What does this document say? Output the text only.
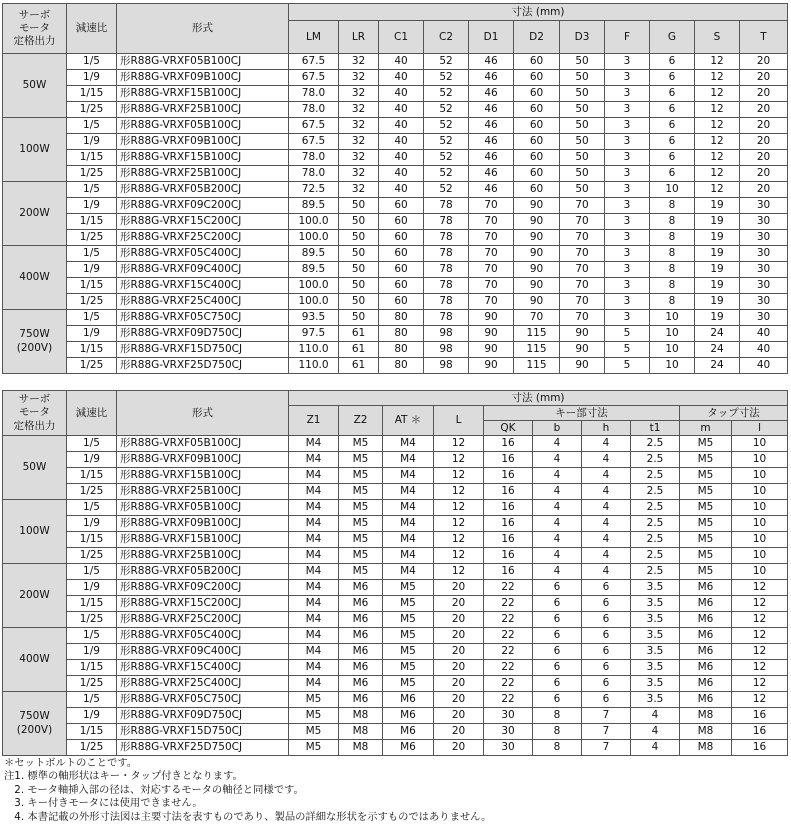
サーボ
モータ
定格出力	減速比	形式	寸法 (mm)										
			LM	LR	C1	C2	D1	D2	D3	F	G	S	T
50W	1/5	形R88G-VRXF05B100CJ	67.5	32	40	52	46	60	50	3	6	12	20
	1/9	形R88G-VRXF09B100CJ	67.5	32	40	52	46	60	50	3	6	12	20
	1/15	形R88G-VRXF15B100CJ	78.0	32	40	52	46	60	50	3	6	12	20
	1/25	形R88G-VRXF25B100CJ	78.0	32	40	52	46	60	50	3	6	12	20
100W	1/5	形R88G-VRXF05B100CJ	67.5	32	40	52	46	60	50	3	6	12	20
	1/9	形R88G-VRXF09B100CJ	67.5	32	40	52	46	60	50	3	6	12	20
	1/15	形R88G-VRXF15B100CJ	78.0	32	40	52	46	60	50	3	6	12	20
	1/25	形R88G-VRXF25B100CJ	78.0	32	40	52	46	60	50	3	6	12	20
200W	1/5	形R88G-VRXF05B200CJ	72.5	32	40	52	46	60	50	3	10	12	20
	1/9	形R88G-VRXF09C200CJ	89.5	50	60	78	70	90	70	3	8	19	30
	1/15	形R88G-VRXF15C200CJ	100.0	50	60	78	70	90	70	3	8	19	30
	1/25	形R88G-VRXF25C200CJ	100.0	50	60	78	70	90	70	3	8	19	30
400W	1/5	形R88G-VRXF05C400CJ	89.5	50	60	78	70	90	70	3	8	19	30
	1/9	形R88G-VRXF09C400CJ	89.5	50	60	78	70	90	70	3	8	19	30
	1/15	形R88G-VRXF15C400CJ	100.0	50	60	78	70	90	70	3	8	19	30
	1/25	形R88G-VRXF25C400CJ	100.0	50	60	78	70	90	70	3	8	19	30
750W
(200V)	1/5	形R88G-VRXF05C750CJ	93.5	50	80	78	90	70	70	3	10	19	30
	1/9	形R88G-VRXF09D750CJ	97.5	61	80	98	90	115	90	5	10	24	40
	1/15	形R88G-VRXF15D750CJ	110.0	61	80	98	90	115	90	5	10	24	40
	1/25	形R88G-VRXF25D750CJ	110.0	61	80	98	90	115	90	5	10	24	40
サーボ
モータ
定格出力	減速比	形式	寸法 (mm)									
			Z1	Z2	AT ＊	L	キー部寸法				タップ寸法	
							QK	b	h	t1	m	l
50W	1/5	形R88G-VRXF05B100CJ	M4	M5	M4	12	16	4	4	2.5	M5	10
	1/9	形R88G-VRXF09B100CJ	M4	M5	M4	12	16	4	4	2.5	M5	10
	1/15	形R88G-VRXF15B100CJ	M4	M5	M4	12	16	4	4	2.5	M5	10
	1/25	形R88G-VRXF25B100CJ	M4	M5	M4	12	16	4	4	2.5	M5	10
100W	1/5	形R88G-VRXF05B100CJ	M4	M5	M4	12	16	4	4	2.5	M5	10
	1/9	形R88G-VRXF09B100CJ	M4	M5	M4	12	16	4	4	2.5	M5	10
	1/15	形R88G-VRXF15B100CJ	M4	M5	M4	12	16	4	4	2.5	M5	10
	1/25	形R88G-VRXF25B100CJ	M4	M5	M4	12	16	4	4	2.5	M5	10
200W	1/5	形R88G-VRXF05B200CJ	M4	M5	M4	12	16	4	4	2.5	M5	10
	1/9	形R88G-VRXF09C200CJ	M4	M6	M5	20	22	6	6	3.5	M6	12
	1/15	形R88G-VRXF15C200CJ	M4	M6	M5	20	22	6	6	3.5	M6	12
	1/25	形R88G-VRXF25C200CJ	M4	M6	M5	20	22	6	6	3.5	M6	12
400W	1/5	形R88G-VRXF05C400CJ	M4	M6	M5	20	22	6	6	3.5	M6	12
	1/9	形R88G-VRXF09C400CJ	M4	M6	M5	20	22	6	6	3.5	M6	12
	1/15	形R88G-VRXF15C400CJ	M4	M6	M5	20	22	6	6	3.5	M6	12
	1/25	形R88G-VRXF25C400CJ	M4	M6	M5	20	22	6	6	3.5	M6	12
750W
(200V)	1/5	形R88G-VRXF05C750CJ	M5	M6	M6	20	22	6	6	3.5	M6	12
	1/9	形R88G-VRXF09D750CJ	M5	M8	M6	20	30	8	7	4	M8	16
	1/15	形R88G-VRXF15D750CJ	M5	M8	M6	20	30	8	7	4	M8	16
	1/25	形R88G-VRXF25D750CJ	M5	M8	M6	20	30	8	7	4	M8	16
＊セットボルトのことです。
注1. 標準の軸形状はキー・タップ付きとなります。
　2. モータ軸挿入部の径は、対応するモータの軸径と同様です。
　3. キー付きモータには使用できません。
　4. 本書記載の外形寸法図は主要寸法を表すものであり、製品の詳細な形状を示すものではありません。
